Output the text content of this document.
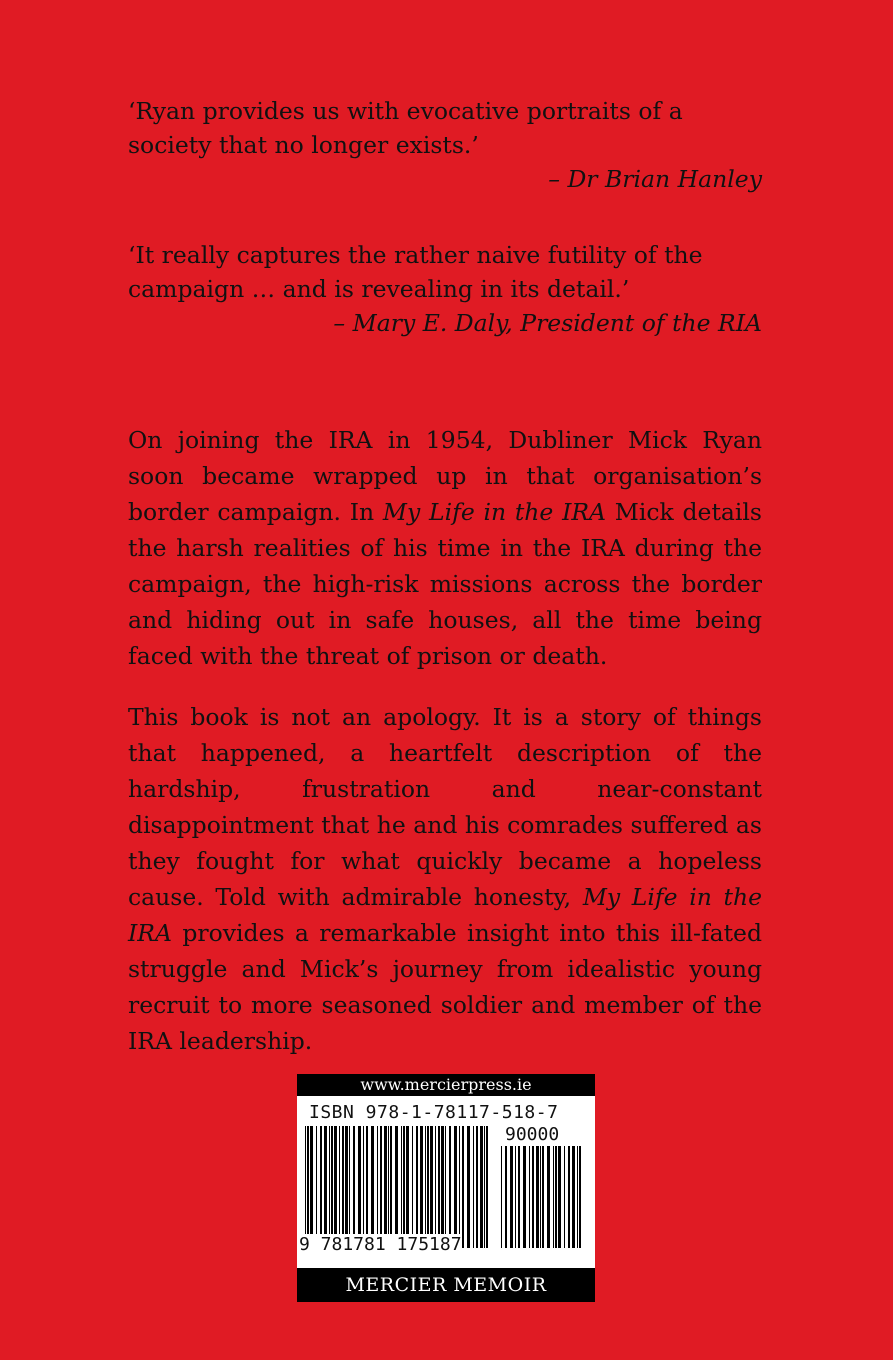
‘Ryan provides us with evocative portraits of a society that no longer exists.’
– Dr Brian Hanley
‘It really captures the rather naive futility of the campaign … and is revealing in its detail.’
– Mary E. Daly, President of the RIA
On joining the IRA in 1954, Dubliner Mick Ryan soon became wrapped up in that organisation’s border campaign. In My Life in the IRA Mick details the harsh realities of his time in the IRA during the campaign, the high-risk missions across the border and hiding out in safe houses, all the time being faced with the threat of prison or death.
This book is not an apology. It is a story of things that happened, a heartfelt description of the hardship, frustration and near-constant disappointment that he and his comrades suffered as they fought for what quickly became a hopeless cause. Told with admirable honesty, My Life in the IRA provides a remarkable insight into this ill-fated struggle and Mick’s journey from idealistic young recruit to more seasoned soldier and member of the IRA leadership.
www.mercierpress.ie
ISBN 978-1-78117-518-7
90000
9 781781 175187
MERCIER MEMOIR
